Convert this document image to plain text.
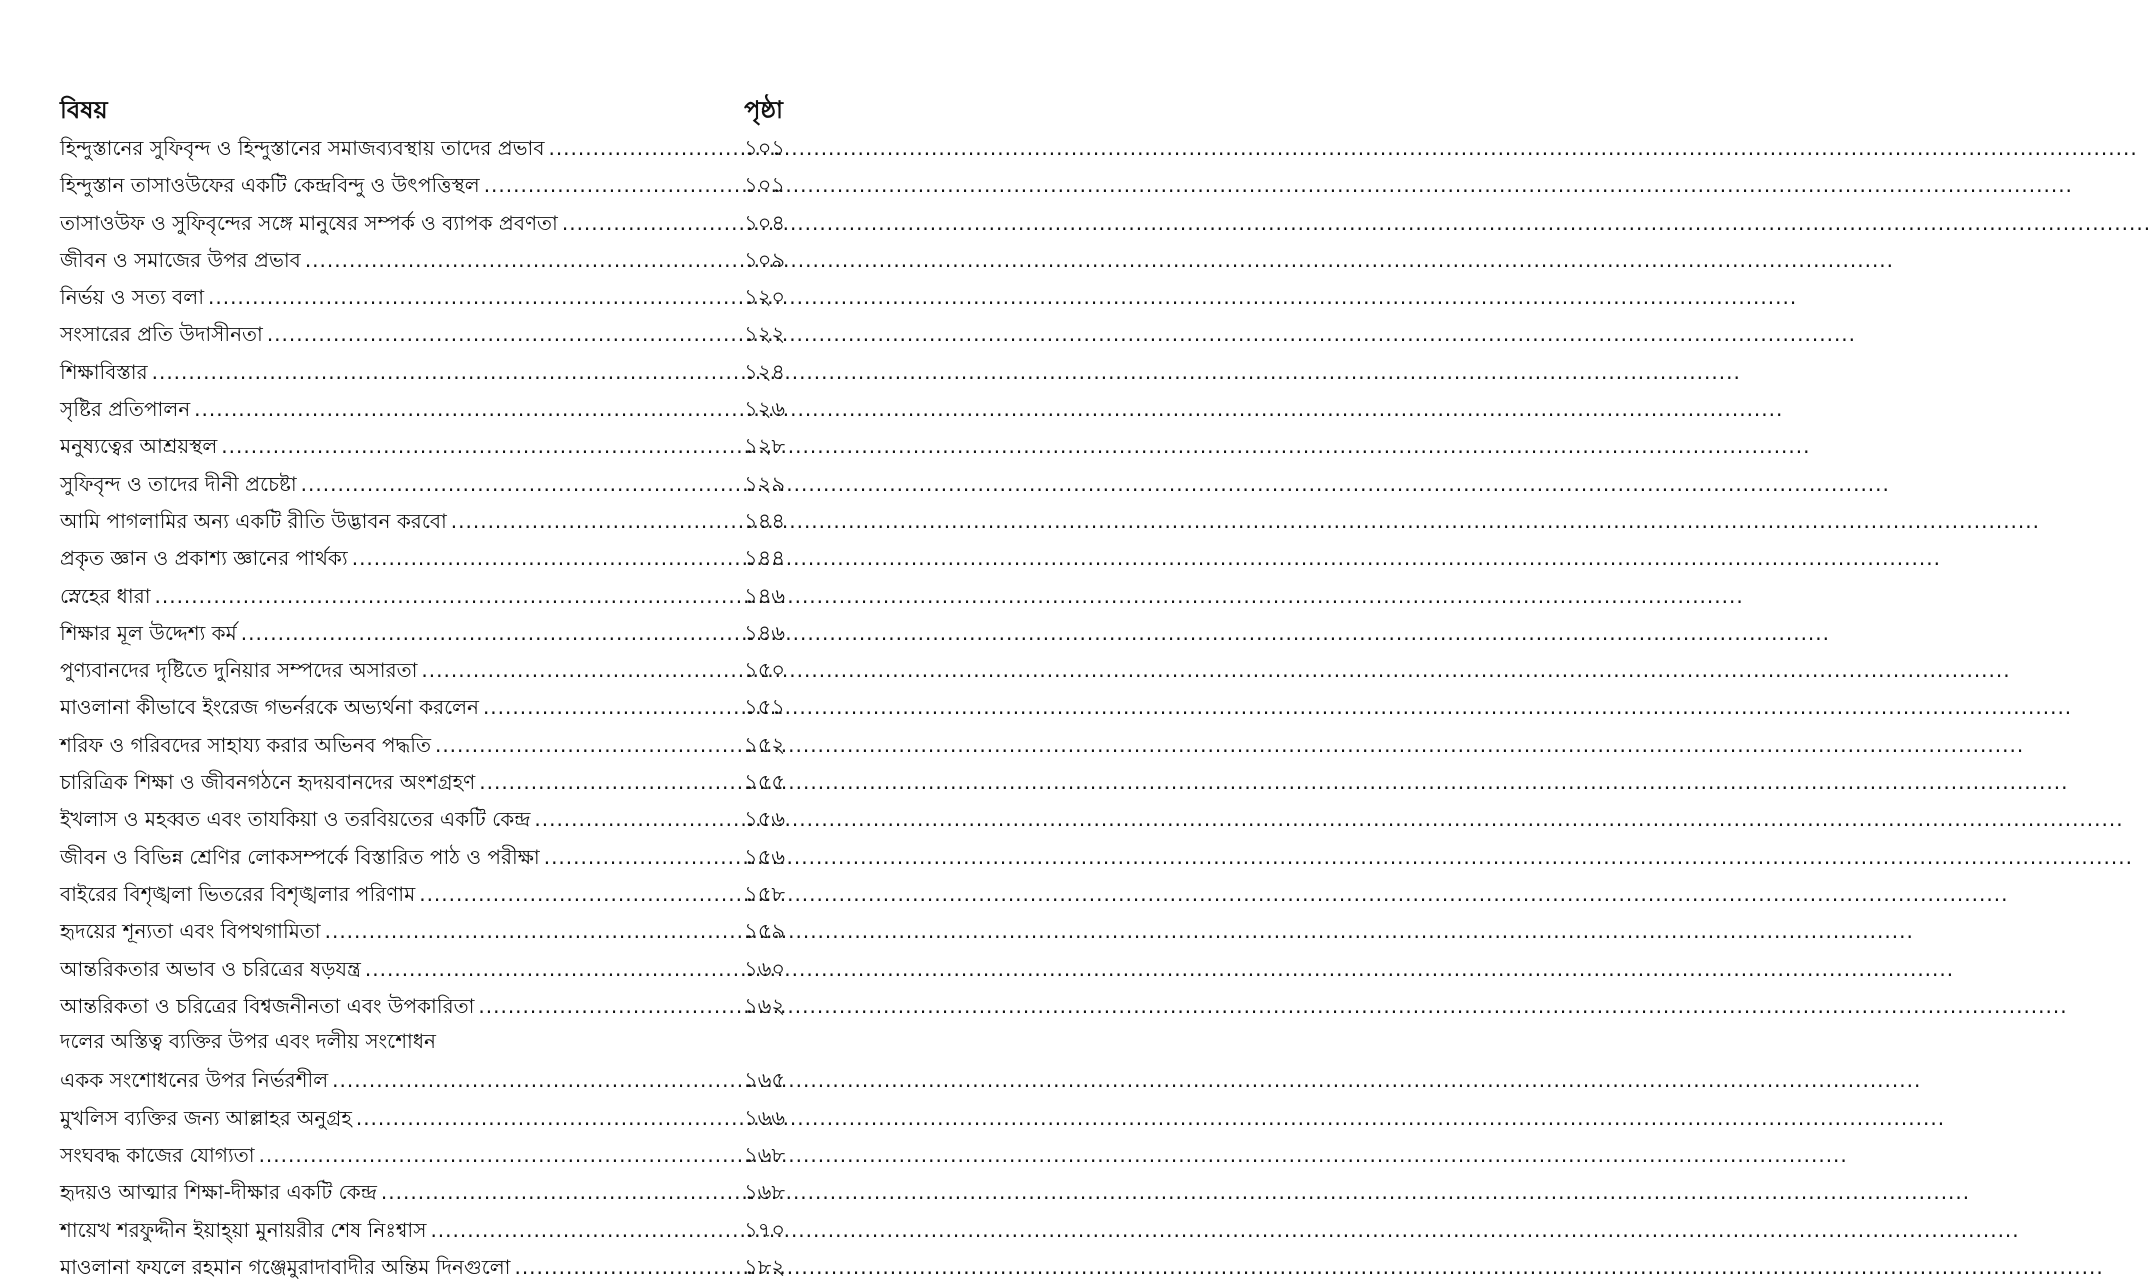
বিষয়	পৃষ্ঠা
হিন্দুস্তানের সুফিবৃন্দ ও হিন্দুস্তানের সমাজব্যবস্থায় তাদের প্রভাব .....	১০১
হিন্দুস্তান তাসাওউফের একটি কেন্দ্রবিন্দু ও উৎপত্তিস্থল .....	১০১
তাসাওউফ ও সুফিবৃন্দের সঙ্গে মানুষের সম্পর্ক ও ব্যাপক প্রবণতা .....	১০৪
জীবন ও সমাজের উপর প্রভাব .....	১০৯
নির্ভয় ও সত্য বলা .....	১২০
সংসারের প্রতি উদাসীনতা .....	১২২
শিক্ষাবিস্তার .....	১২৪
সৃষ্টির প্রতিপালন .....	১২৬
মনুষ্যত্বের আশ্রয়স্থল .....	১২৮
সুফিবৃন্দ ও তাদের দীনী প্রচেষ্টা .....	১২৯
আমি পাগলামির অন্য একটি রীতি উদ্ভাবন করবো .....	১৪৪
প্রকৃত জ্ঞান ও প্রকাশ্য জ্ঞানের পার্থক্য .....	১৪৪
স্নেহের ধারা .....	১৪৬
শিক্ষার মূল উদ্দেশ্য কর্ম .....	১৪৬
পুণ্যবানদের দৃষ্টিতে দুনিয়ার সম্পদের অসারতা .....	১৫০
মাওলানা কীভাবে ইংরেজ গভর্নরকে অভ্যর্থনা করলেন .....	১৫১
শরিফ ও গরিবদের সাহায্য করার অভিনব পদ্ধতি .....	১৫২
চারিত্রিক শিক্ষা ও জীবনগঠনে হৃদয়বানদের অংশগ্রহণ .....	১৫৫
ইখলাস ও মহব্বত এবং তাযকিয়া ও তরবিয়তের একটি কেন্দ্র .....	১৫৬
জীবন ও বিভিন্ন শ্রেণির লোকসম্পর্কে বিস্তারিত পাঠ ও পরীক্ষা .....	১৫৬
বাইরের বিশৃঙ্খলা ভিতরের বিশৃঙ্খলার পরিণাম .....	১৫৮
হৃদয়ের শূন্যতা এবং বিপথগামিতা .....	১৫৯
আন্তরিকতার অভাব ও চরিত্রের ষড়যন্ত্র .....	১৬০
আন্তরিকতা ও চরিত্রের বিশ্বজনীনতা এবং উপকারিতা .....	১৬২
দলের অস্তিত্ব ব্যক্তির উপর এবং দলীয় সংশোধন
একক সংশোধনের উপর নির্ভরশীল .....	১৬৫
মুখলিস ব্যক্তির জন্য আল্লাহর অনুগ্রহ .....	১৬৬
সংঘবদ্ধ কাজের যোগ্যতা .....	১৬৮
হৃদয়ও আত্মার শিক্ষা-দীক্ষার একটি কেন্দ্র .....	১৬৮
শায়েখ শরফুদ্দীন ইয়াহ্য়া মুনায়রীর শেষ নিঃশ্বাস .....	১৭০
মাওলানা ফযলে রহমান গঞ্জেমুরাদাবাদীর অন্তিম দিনগুলো .....	১৮২
